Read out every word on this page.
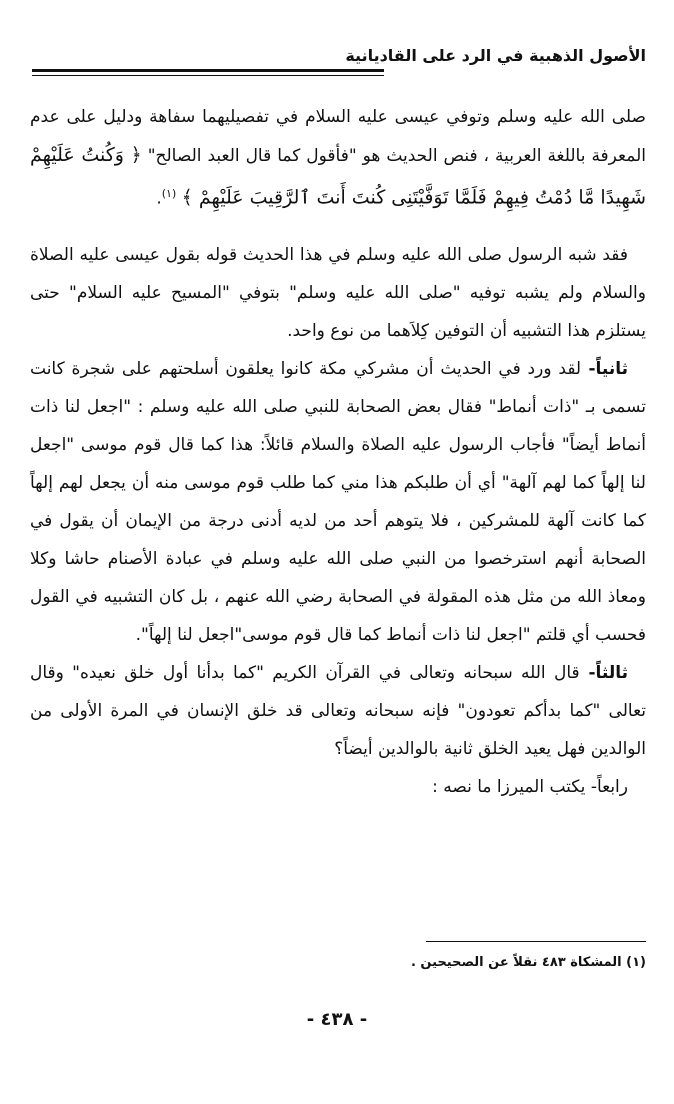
الأصول الذهبية في الرد على القاديانية

صلى الله عليه وسلم وتوفي عيسى عليه السلام في تفصيليهما سفاهة ودليل على عدم المعرفة باللغة العربية ، فنص الحديث هو "فأقول كما قال العبد الصالح" ﴿ وَكُنتُ عَلَيْهِمْ شَهِيدًا مَّا دُمْتُ فِيهِمْ فَلَمَّا تَوَفَّيْتَنِى كُنتَ أَنتَ ٱلرَّقِيبَ عَلَيْهِمْ ﴾ $^{(١)}$.

فقد شبه الرسول صلى الله عليه وسلم في هذا الحديث قوله بقول عيسى عليه الصلاة والسلام ولم يشبه توفيه "صلى الله عليه وسلم" بتوفي "المسيح عليه السلام" حتى يستلزم هذا التشبيه أن التوفين كِلاَهما من نوع واحد.

ثانياً- لقد ورد في الحديث أن مشركي مكة كانوا يعلقون أسلحتهم على شجرة كانت تسمى بـ "ذات أنماط" فقال بعض الصحابة للنبي صلى الله عليه وسلم : "اجعل لنا ذات أنماط أيضاً" فأجاب الرسول عليه الصلاة والسلام قائلاً: هذا كما قال قوم موسى "اجعل لنا إلهاً كما لهم آلهة" أي أن طلبكم هذا مني كما طلب قوم موسى منه أن يجعل لهم إلهاً كما كانت آلهة للمشركين ، فلا يتوهم أحد من لديه أدنى درجة من الإيمان أن يقول في الصحابة أنهم استرخصوا من النبي صلى الله عليه وسلم في عبادة الأصنام حاشا وكلا ومعاذ الله من مثل هذه المقولة في الصحابة رضي الله عنهم ، بل كان التشبيه في القول فحسب أي قلتم "اجعل لنا ذات أنماط كما قال قوم موسى"اجعل لنا إلهاً".

ثالثاً- قال الله سبحانه وتعالى في القرآن الكريم "كما بدأنا أول خلق نعيده" وقال تعالى "كما بدأكم تعودون" فإنه سبحانه وتعالى قد خلق الإنسان في المرة الأولى من الوالدين فهل يعيد الخلق ثانية بالوالدين أيضاً؟

رابعاً- يكتب الميرزا ما نصه :

(١) المشكاة ٤٨٣ نقلاً عن الصحيحين .
- ٤٣٨ -
